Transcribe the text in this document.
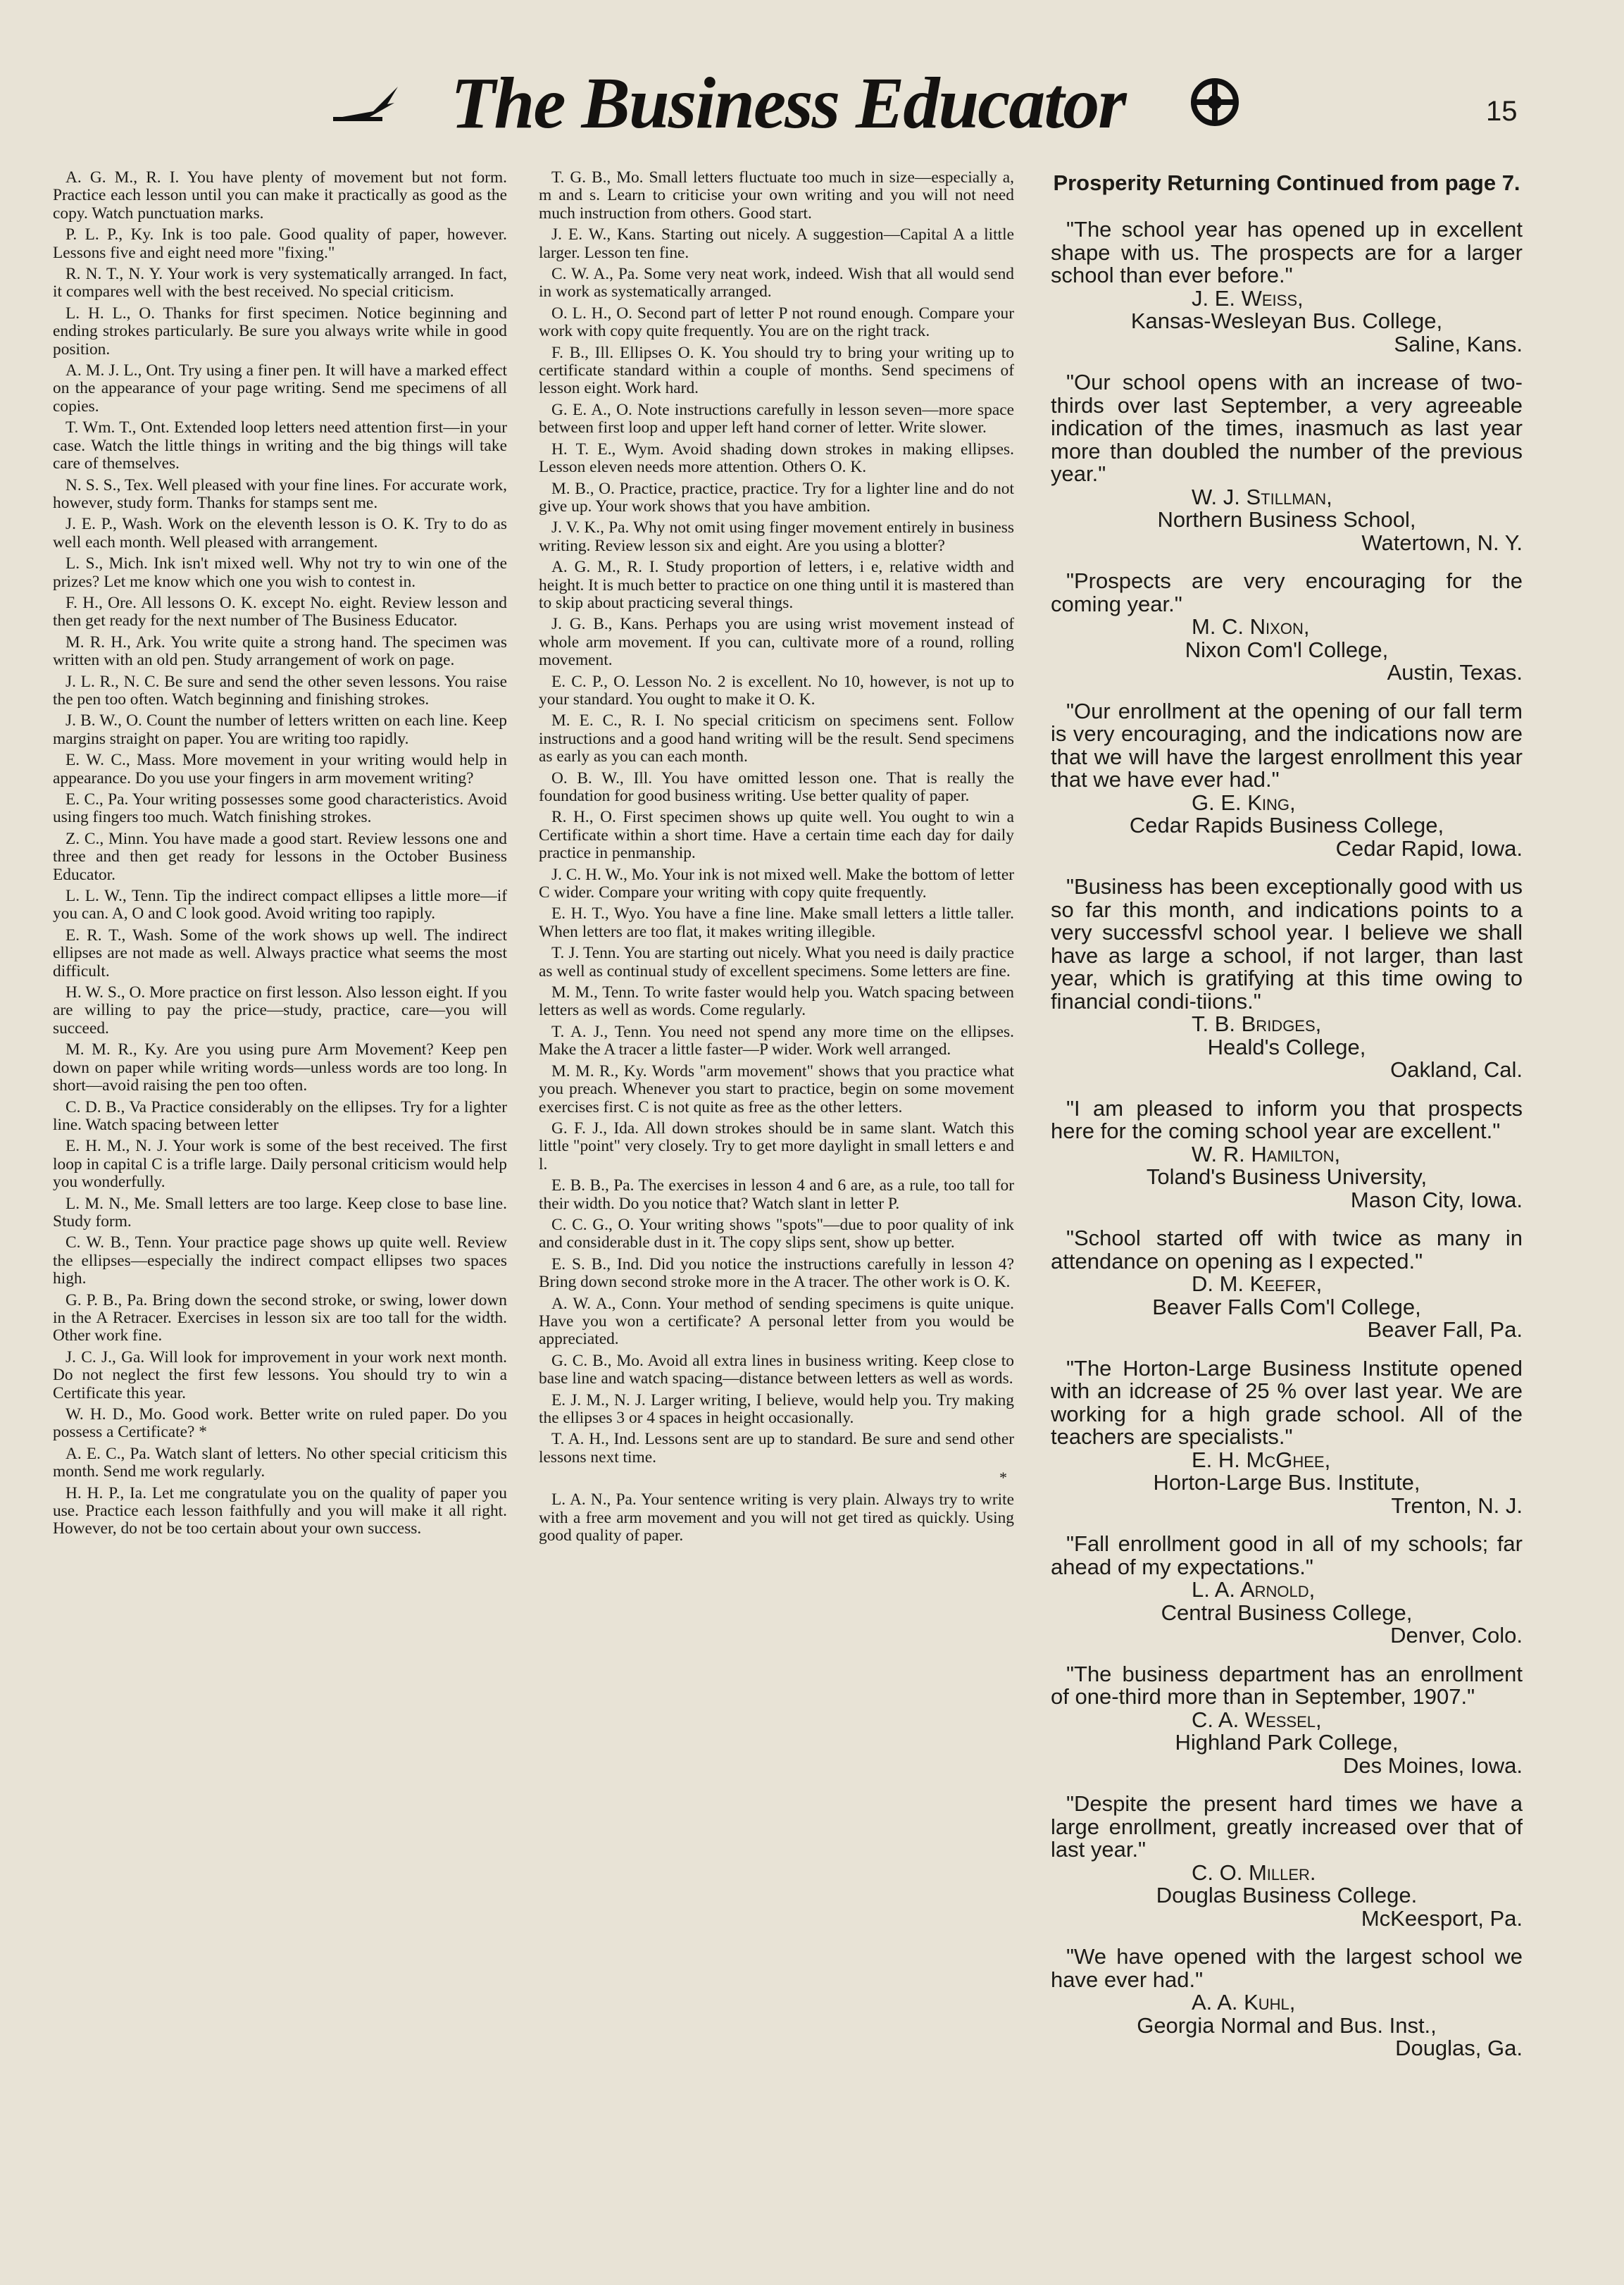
The Business Educator	15

A. G. M., R. I. You have plenty of movement but not form. Practice each lesson until you can make it practically as good as the copy. Watch punctuation marks.

P. L. P., Ky. Ink is too pale. Good quality of paper, however. Lessons five and eight need more "fixing."

R. N. T., N. Y. Your work is very systematically arranged. In fact, it compares well with the best received. No special criticism.

L. H. L., O. Thanks for first specimen. Notice beginning and ending strokes particularly. Be sure you always write while in good position.

A. M. J. L., Ont. Try using a finer pen. It will have a marked effect on the appearance of your page writing. Send me specimens of all copies.

T. Wm. T., Ont. Extended loop letters need attention first—in your case. Watch the little things in writing and the big things will take care of themselves.

N. S. S., Tex. Well pleased with your fine lines. For accurate work, however, study form. Thanks for stamps sent me.

J. E. P., Wash. Work on the eleventh lesson is O. K. Try to do as well each month. Well pleased with arrangement.

L. S., Mich. Ink isn't mixed well. Why not try to win one of the prizes? Let me know which one you wish to contest in.

F. H., Ore. All lessons O. K. except No. eight. Review lesson and then get ready for the next number of The Business Educator.

M. R. H., Ark. You write quite a strong hand. The specimen was written with an old pen. Study arrangement of work on page.

J. L. R., N. C. Be sure and send the other seven lessons. You raise the pen too often. Watch beginning and finishing strokes.

J. B. W., O. Count the number of letters written on each line. Keep margins straight on paper. You are writing too rapidly.

E. W. C., Mass. More movement in your writing would help in appearance. Do you use your fingers in arm movement writing?

E. C., Pa. Your writing possesses some good characteristics. Avoid using fingers too much. Watch finishing strokes.

Z. C., Minn. You have made a good start. Review lessons one and three and then get ready for lessons in the October Business Educator.

L. L. W., Tenn. Tip the indirect compact ellipses a little more—if you can. A, O and C look good. Avoid writing too rapiply.

E. R. T., Wash. Some of the work shows up well. The indirect ellipses are not made as well. Always practice what seems the most difficult.

H. W. S., O. More practice on first lesson. Also lesson eight. If you are willing to pay the price—study, practice, care—you will succeed.

M. M. R., Ky. Are you using pure Arm Movement? Keep pen down on paper while writing words—unless words are too long. In short—avoid raising the pen too often.

C. D. B., Va Practice considerably on the ellipses. Try for a lighter line. Watch spacing between letter

E. H. M., N. J. Your work is some of the best received. The first loop in capital C is a trifle large. Daily personal criticism would help you wonderfully.

L. M. N., Me. Small letters are too large. Keep close to base line. Study form.

C. W. B., Tenn. Your practice page shows up quite well. Review the ellipses—especially the indirect compact ellipses two spaces high.

G. P. B., Pa. Bring down the second stroke, or swing, lower down in the A Retracer. Exercises in lesson six are too tall for the width. Other work fine.

J. C. J., Ga. Will look for improvement in your work next month. Do not neglect the first few lessons. You should try to win a Certificate this year.

W. H. D., Mo. Good work. Better write on ruled paper. Do you possess a Certificate? *

A. E. C., Pa. Watch slant of letters. No other special criticism this month. Send me work regularly.

H. H. P., Ia. Let me congratulate you on the quality of paper you use. Practice each lesson faithfully and you will make it all right. However, do not be too certain about your own success.

T. G. B., Mo. Small letters fluctuate too much in size—especially a, m and s. Learn to criticise your own writing and you will not need much instruction from others. Good start.

J. E. W., Kans. Starting out nicely. A suggestion—Capital A a little larger. Lesson ten fine.

C. W. A., Pa. Some very neat work, indeed. Wish that all would send in work as systematically arranged.

O. L. H., O. Second part of letter P not round enough. Compare your work with copy quite frequently. You are on the right track.

F. B., Ill. Ellipses O. K. You should try to bring your writing up to certificate standard within a couple of months. Send specimens of lesson eight. Work hard.

G. E. A., O. Note instructions carefully in lesson seven—more space between first loop and upper left hand corner of letter. Write slower.

H. T. E., Wym. Avoid shading down strokes in making ellipses. Lesson eleven needs more attention. Others O. K.

M. B., O. Practice, practice, practice. Try for a lighter line and do not give up. Your work shows that you have ambition.

J. V. K., Pa. Why not omit using finger movement entirely in business writing. Review lesson six and eight. Are you using a blotter?

A. G. M., R. I. Study proportion of letters, i e, relative width and height. It is much better to practice on one thing until it is mastered than to skip about practicing several things.

J. G. B., Kans. Perhaps you are using wrist movement instead of whole arm movement. If you can, cultivate more of a round, rolling movement.

E. C. P., O. Lesson No. 2 is excellent. No 10, however, is not up to your standard. You ought to make it O. K.

M. E. C., R. I. No special criticism on specimens sent. Follow instructions and a good hand writing will be the result. Send specimens as early as you can each month.

O. B. W., Ill. You have omitted lesson one. That is really the foundation for good business writing. Use better quality of paper.

R. H., O. First specimen shows up quite well. You ought to win a Certificate within a short time. Have a certain time each day for daily practice in penmanship.

J. C. H. W., Mo. Your ink is not mixed well. Make the bottom of letter C wider. Compare your writing with copy quite frequently.

E. H. T., Wyo. You have a fine line. Make small letters a little taller. When letters are too flat, it makes writing illegible.

T. J. Tenn. You are starting out nicely. What you need is daily practice as well as continual study of excellent specimens. Some letters are fine.

M. M., Tenn. To write faster would help you. Watch spacing between letters as well as words. Come regularly.

T. A. J., Tenn. You need not spend any more time on the ellipses. Make the A tracer a little faster—P wider. Work well arranged.

M. M. R., Ky. Words "arm movement" shows that you practice what you preach. Whenever you start to practice, begin on some movement exercises first. C is not quite as free as the other letters.

G. F. J., Ida. All down strokes should be in same slant. Watch this little "point" very closely. Try to get more daylight in small letters e and l.

E. B. B., Pa. The exercises in lesson 4 and 6 are, as a rule, too tall for their width. Do you notice that? Watch slant in letter P.

C. C. G., O. Your writing shows "spots"—due to poor quality of ink and considerable dust in it. The copy slips sent, show up better.

E. S. B., Ind. Did you notice the instructions carefully in lesson 4? Bring down second stroke more in the A tracer. The other work is O. K.

A. W. A., Conn. Your method of sending specimens is quite unique. Have you won a certificate? A personal letter from you would be appreciated.

G. C. B., Mo. Avoid all extra lines in business writing. Keep close to base line and watch spacing—distance between letters as well as words.

E. J. M., N. J. Larger writing, I believe, would help you. Try making the ellipses 3 or 4 spaces in height occasionally.

T. A. H., Ind. Lessons sent are up to standard. Be sure and send other lessons next time.

*

L. A. N., Pa. Your sentence writing is very plain. Always try to write with a free arm movement and you will not get tired as quickly. Using good quality of paper.

Prosperity Returning Continued from page 7.

"The school year has opened up in excellent shape with us. The prospects are for a larger school than ever before."

J. E. Weiss,

Kansas-Wesleyan Bus. College,

Saline, Kans.

"Our school opens with an increase of two-thirds over last September, a very agreeable indication of the times, inasmuch as last year more than doubled the number of the previous year."

W. J. Stillman,

Northern Business School,

Watertown, N. Y.

"Prospects are very encouraging for the coming year."

M. C. Nixon,

Nixon Com'l College,

Austin, Texas.

"Our enrollment at the opening of our fall term is very encouraging, and the indications now are that we will have the largest enrollment this year that we have ever had."

G. E. King,

Cedar Rapids Business College,

Cedar Rapid, Iowa.

"Business has been exceptionally good with us so far this month, and indications points to a very successfvl school year. I believe we shall have as large a school, if not larger, than last year, which is gratifying at this time owing to financial condi-tiions."

T. B. Bridges,

Heald's College,

Oakland, Cal.

"I am pleased to inform you that prospects here for the coming school year are excellent."

W. R. Hamilton,

Toland's Business University,

Mason City, Iowa.

"School started off with twice as many in attendance on opening as I expected."

D. M. Keefer,

Beaver Falls Com'l College,

Beaver Fall, Pa.

"The Horton-Large Business Institute opened with an idcrease of 25 % over last year. We are working for a high grade school. All of the teachers are specialists."

E. H. McGhee,

Horton-Large Bus. Institute,

Trenton, N. J.

"Fall enrollment good in all of my schools; far ahead of my expectations."

L. A. Arnold,

Central Business College,

Denver, Colo.

"The business department has an enrollment of one-third more than in September, 1907."

C. A. Wessel,

Highland Park College,

Des Moines, Iowa.

"Despite the present hard times we have a large enrollment, greatly increased over that of last year."

C. O. Miller.

Douglas Business College.

McKeesport, Pa.

"We have opened with the largest school we have ever had."

A. A. Kuhl,

Georgia Normal and Bus. Inst.,

Douglas, Ga.
